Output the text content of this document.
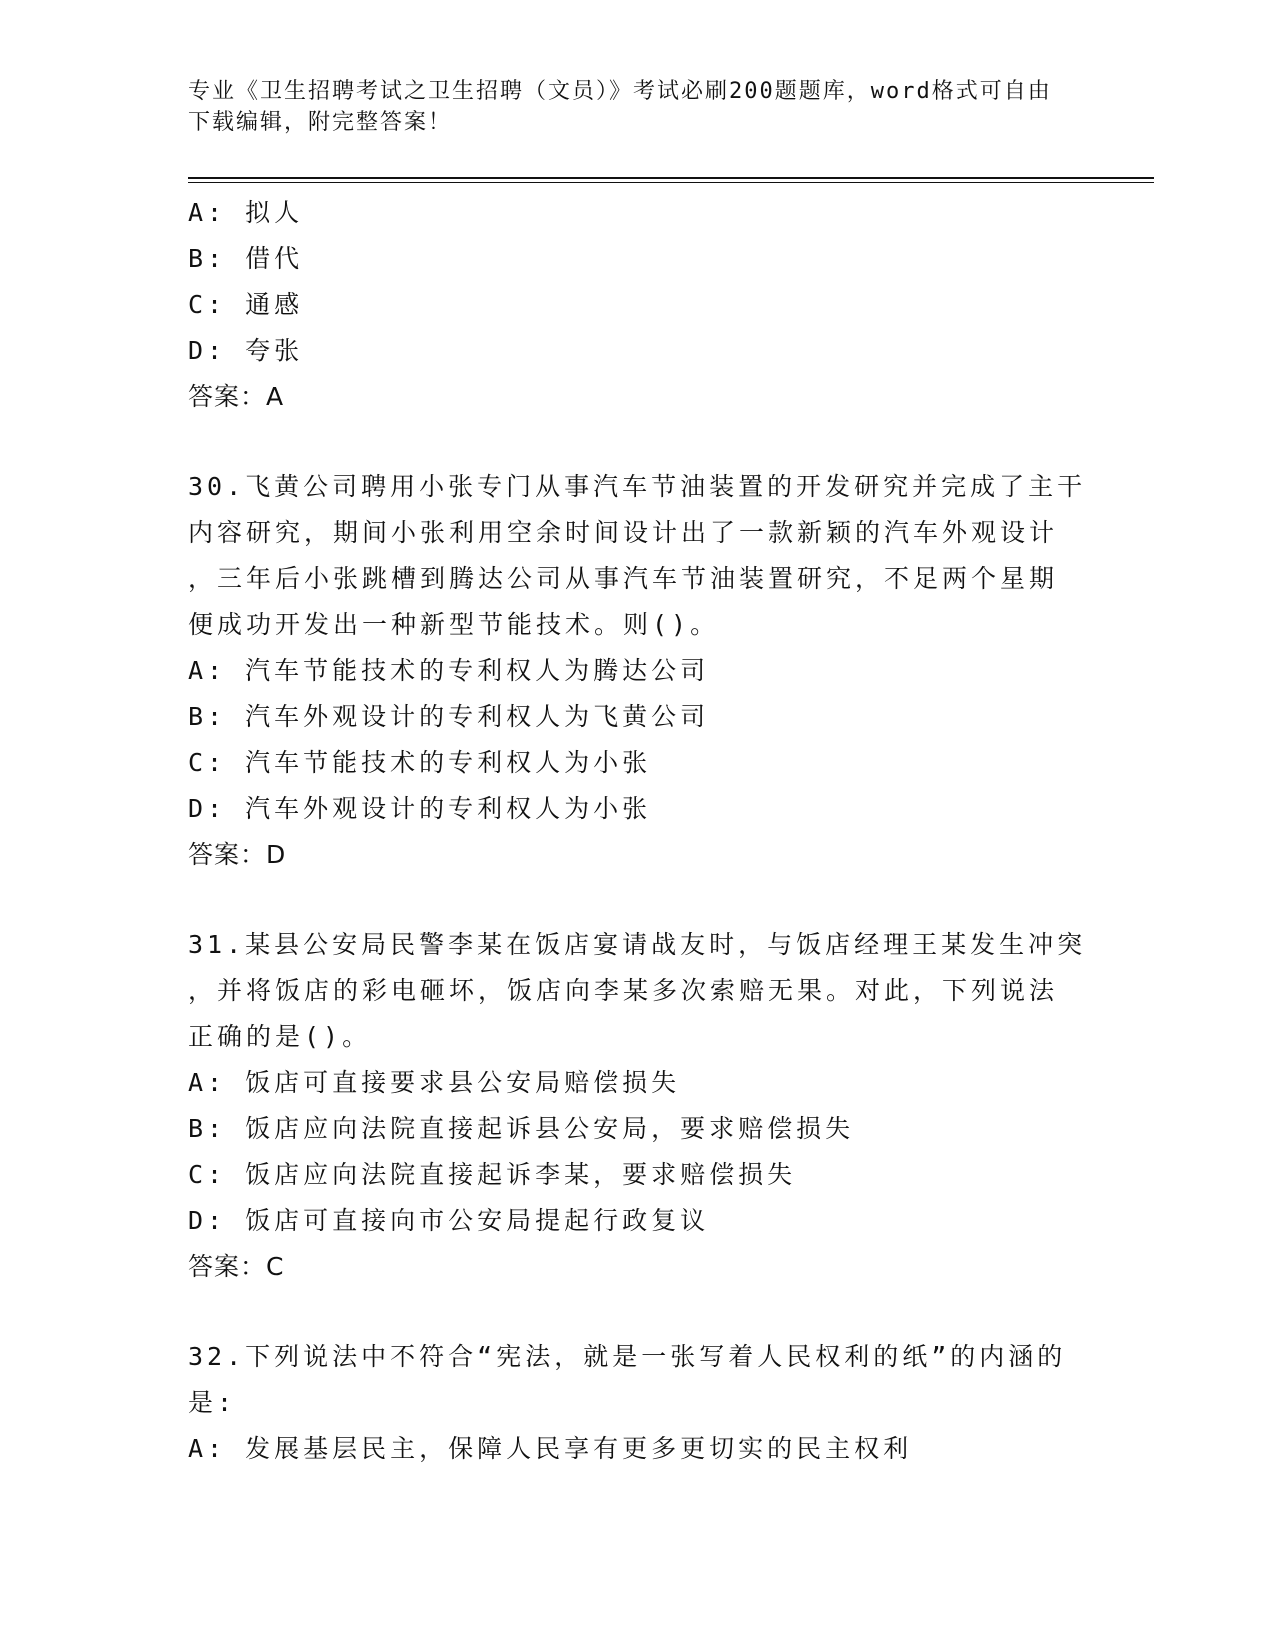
专业《卫生招聘考试之卫生招聘（文员）》考试必刷200题题库，word格式可自由下载编辑，附完整答案！
A: 拟人
B: 借代
C: 通感
D: 夸张
答案：A
30.飞黄公司聘用小张专门从事汽车节油装置的开发研究并完成了主干
内容研究，期间小张利用空余时间设计出了一款新颖的汽车外观设计
，三年后小张跳槽到腾达公司从事汽车节油装置研究，不足两个星期
便成功开发出一种新型节能技术。则()。
A: 汽车节能技术的专利权人为腾达公司
B: 汽车外观设计的专利权人为飞黄公司
C: 汽车节能技术的专利权人为小张
D: 汽车外观设计的专利权人为小张
答案：D
31.某县公安局民警李某在饭店宴请战友时，与饭店经理王某发生冲突
，并将饭店的彩电砸坏，饭店向李某多次索赔无果。对此，下列说法
正确的是()。
A: 饭店可直接要求县公安局赔偿损失
B: 饭店应向法院直接起诉县公安局，要求赔偿损失
C: 饭店应向法院直接起诉李某，要求赔偿损失
D: 饭店可直接向市公安局提起行政复议
答案：C
32.下列说法中不符合“宪法，就是一张写着人民权利的纸”的内涵的
是:
A: 发展基层民主，保障人民享有更多更切实的民主权利
